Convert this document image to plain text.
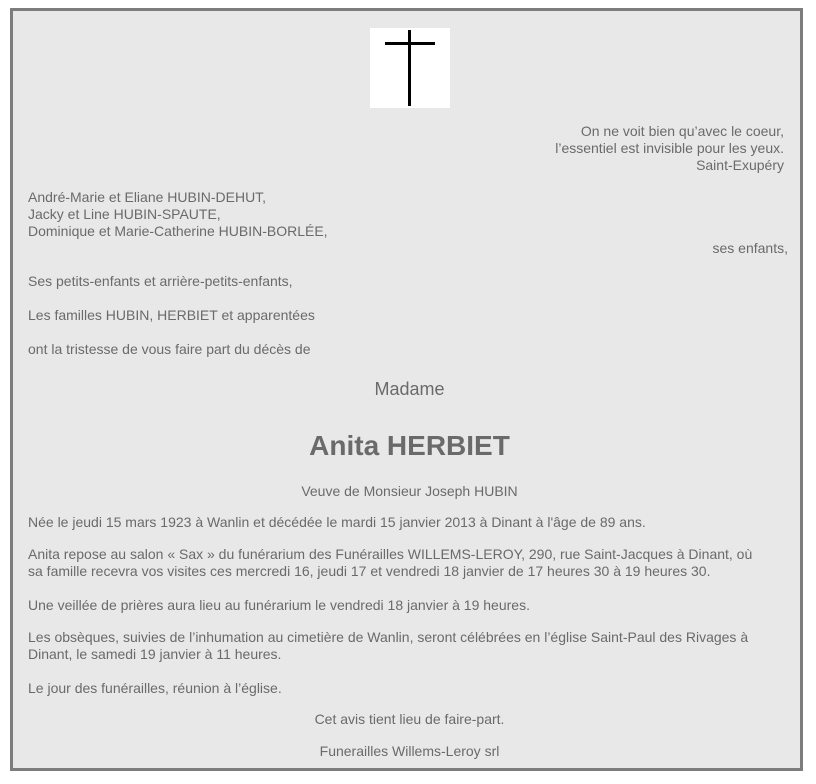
On ne voit bien qu’avec le coeur,
l’essentiel est invisible pour les yeux.
Saint-Exupéry
André-Marie et Eliane HUBIN-DEHUT,
Jacky et Line HUBIN-SPAUTE,
Dominique et Marie-Catherine HUBIN-BORLÉE,
ses enfants,
Ses petits-enfants et arrière-petits-enfants,
Les familles HUBIN, HERBIET et apparentées
ont la tristesse de vous faire part du décès de
Madame
Anita HERBIET
Veuve de Monsieur Joseph HUBIN
Née le jeudi 15 mars 1923 à Wanlin et décédée le mardi 15 janvier 2013 à Dinant à l'âge de 89 ans.
Anita repose au salon « Sax » du funérarium des Funérailles WILLEMS-LEROY, 290, rue Saint-Jacques à Dinant, où
sa famille recevra vos visites ces mercredi 16, jeudi 17 et vendredi 18 janvier de 17 heures 30 à 19 heures 30.
Une veillée de prières aura lieu au funérarium le vendredi 18 janvier à 19 heures.
Les obsèques, suivies de l’inhumation au cimetière de Wanlin, seront célébrées en l’église Saint-Paul des Rivages à
Dinant, le samedi 19 janvier à 11 heures.
Le jour des funérailles, réunion à l’église.
Cet avis tient lieu de faire-part.
Funerailles Willems-Leroy srl
